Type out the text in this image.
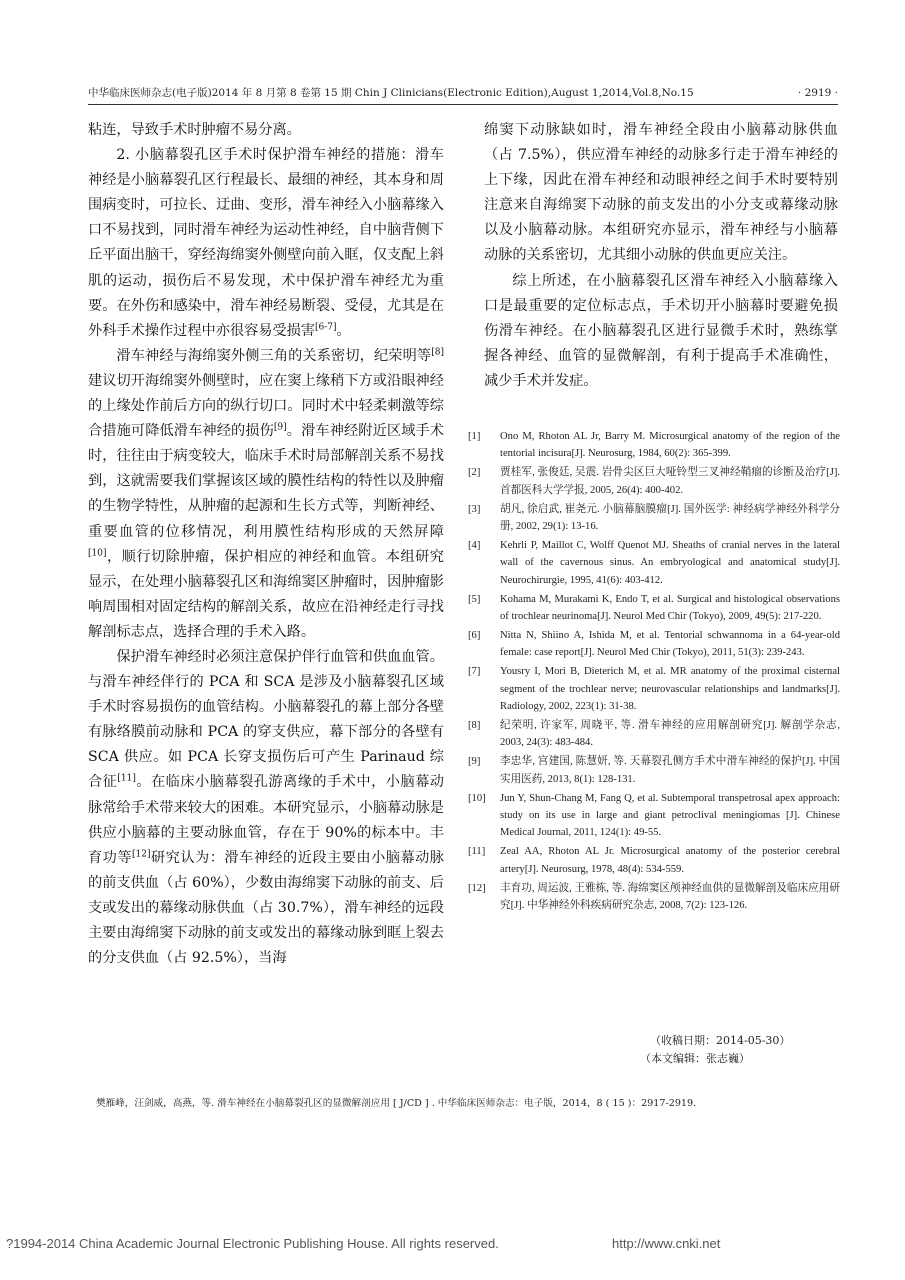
中华临床医师杂志(电子版)2014 年 8 月第 8 卷第 15 期 Chin J Clinicians(Electronic Edition),August 1,2014,Vol.8,No.15	· 2919 ·

粘连，导致手术时肿瘤不易分离。

2. 小脑幕裂孔区手术时保护滑车神经的措施：滑车神经是小脑幕裂孔区行程最长、最细的神经，其本身和周围病变时，可拉长、迂曲、变形，滑车神经入小脑幕缘入口不易找到，同时滑车神经为运动性神经，自中脑背侧下丘平面出脑干，穿经海绵窦外侧壁向前入眶，仅支配上斜肌的运动，损伤后不易发现，术中保护滑车神经尤为重要。在外伤和感染中，滑车神经易断裂、受侵，尤其是在外科手术操作过程中亦很容易受损害[6-7]。

滑车神经与海绵窦外侧三角的关系密切，纪荣明等[8]建议切开海绵窦外侧壁时，应在窦上缘稍下方或沿眼神经的上缘处作前后方向的纵行切口。同时术中轻柔刺激等综合措施可降低滑车神经的损伤[9]。滑车神经附近区域手术时，往往由于病变较大，临床手术时局部解剖关系不易找到，这就需要我们掌握该区域的膜性结构的特性以及肿瘤的生物学特性，从肿瘤的起源和生长方式等，判断神经、重要血管的位移情况，利用膜性结构形成的天然屏障[10]，顺行切除肿瘤，保护相应的神经和血管。本组研究显示，在处理小脑幕裂孔区和海绵窦区肿瘤时，因肿瘤影响周围相对固定结构的解剖关系，故应在沿神经走行寻找解剖标志点，选择合理的手术入路。

保护滑车神经时必须注意保护伴行血管和供血血管。与滑车神经伴行的 PCA 和 SCA 是涉及小脑幕裂孔区域手术时容易损伤的血管结构。小脑幕裂孔的幕上部分各壁有脉络膜前动脉和 PCA 的穿支供应，幕下部分的各壁有 SCA 供应。如 PCA 长穿支损伤后可产生 Parinaud 综合征[11]。在临床小脑幕裂孔游离缘的手术中，小脑幕动脉常给手术带来较大的困难。本研究显示，小脑幕动脉是供应小脑幕的主要动脉血管，存在于 90%的标本中。丰育功等[12]研究认为：滑车神经的近段主要由小脑幕动脉的前支供血（占 60%），少数由海绵窦下动脉的前支、后支或发出的幕缘动脉供血（占 30.7%），滑车神经的远段主要由海绵窦下动脉的前支或发出的幕缘动脉到眶上裂去的分支供血（占 92.5%），当海

绵窦下动脉缺如时，滑车神经全段由小脑幕动脉供血（占 7.5%），供应滑车神经的动脉多行走于滑车神经的上下缘，因此在滑车神经和动眼神经之间手术时要特别注意来自海绵窦下动脉的前支发出的小分支或幕缘动脉以及小脑幕动脉。本组研究亦显示，滑车神经与小脑幕动脉的关系密切，尤其细小动脉的供血更应关注。

综上所述，在小脑幕裂孔区滑车神经入小脑幕缘入口是最重要的定位标志点，手术切开小脑幕时要避免损伤滑车神经。在小脑幕裂孔区进行显微手术时，熟练掌握各神经、血管的显微解剖，有利于提高手术准确性，减少手术并发症。

[1]	Ono M, Rhoton AL Jr, Barry M. Microsurgical anatomy of the region of the tentorial incisura[J]. Neurosurg, 1984, 60(2): 365-399.
[2]	贾桂军, 张俊廷, 吴震. 岩骨尖区巨大哑铃型三叉神经鞘瘤的诊断及治疗[J]. 首都医科大学学报, 2005, 26(4): 400-402.
[3]	胡凡, 徐启武, 崔尧元. 小脑幕脑膜瘤[J]. 国外医学: 神经病学神经外科学分册, 2002, 29(1): 13-16.
[4]	Kehrli P, Maillot C, Wolff Quenot MJ. Sheaths of cranial nerves in the lateral wall of the cavernous sinus. An embryological and anatomical study[J]. Neurochirurgie, 1995, 41(6): 403-412.
[5]	Kohama M, Murakami K, Endo T, et al. Surgical and histological observations of trochlear neurinoma[J]. Neurol Med Chir (Tokyo), 2009, 49(5): 217-220.
[6]	Nitta N, Shiino A, Ishida M, et al. Tentorial schwannoma in a 64-year-old female: case report[J]. Neurol Med Chir (Tokyo), 2011, 51(3): 239-243.
[7]	Yousry I, Mori B, Dieterich M, et al. MR anatomy of the proximal cisternal segment of the trochlear nerve; neurovascular relationships and landmarks[J]. Radiology, 2002, 223(1): 31-38.
[8]	纪荣明, 许家军, 周晓平, 等. 滑车神经的应用解剖研究[J]. 解剖学杂志, 2003, 24(3): 483-484.
[9]	李忠华, 宫建国, 陈慧妍, 等. 天幕裂孔侧方手术中滑车神经的保护[J]. 中国实用医药, 2013, 8(1): 128-131.
[10]	Jun Y, Shun-Chang M, Fang Q, et al. Subtemporal transpetrosal apex approach: study on its use in large and giant petroclival meningiomas [J]. Chinese Medical Journal, 2011, 124(1): 49-55.
[11]	Zeal AA, Rhoton AL Jr. Microsurgical anatomy of the posterior cerebral artery[J]. Neurosurg, 1978, 48(4): 534-559.
[12]	丰育功, 周运波, 王雅栋, 等. 海绵窦区颅神经血供的显微解剖及临床应用研究[J]. 中华神经外科疾病研究杂志, 2008, 7(2): 123-126.
（收稿日期：2014-05-30）
（本文编辑：张志巍）
樊雁峰，汪剑威，高燕，等. 滑车神经在小脑幕裂孔区的显微解剖应用 [ J/CD ] . 中华临床医师杂志：电子版，2014，8 ( 15 )：2917-2919.
?1994-2014 China Academic Journal Electronic Publishing House. All rights reserved.	http://www.cnki.net
